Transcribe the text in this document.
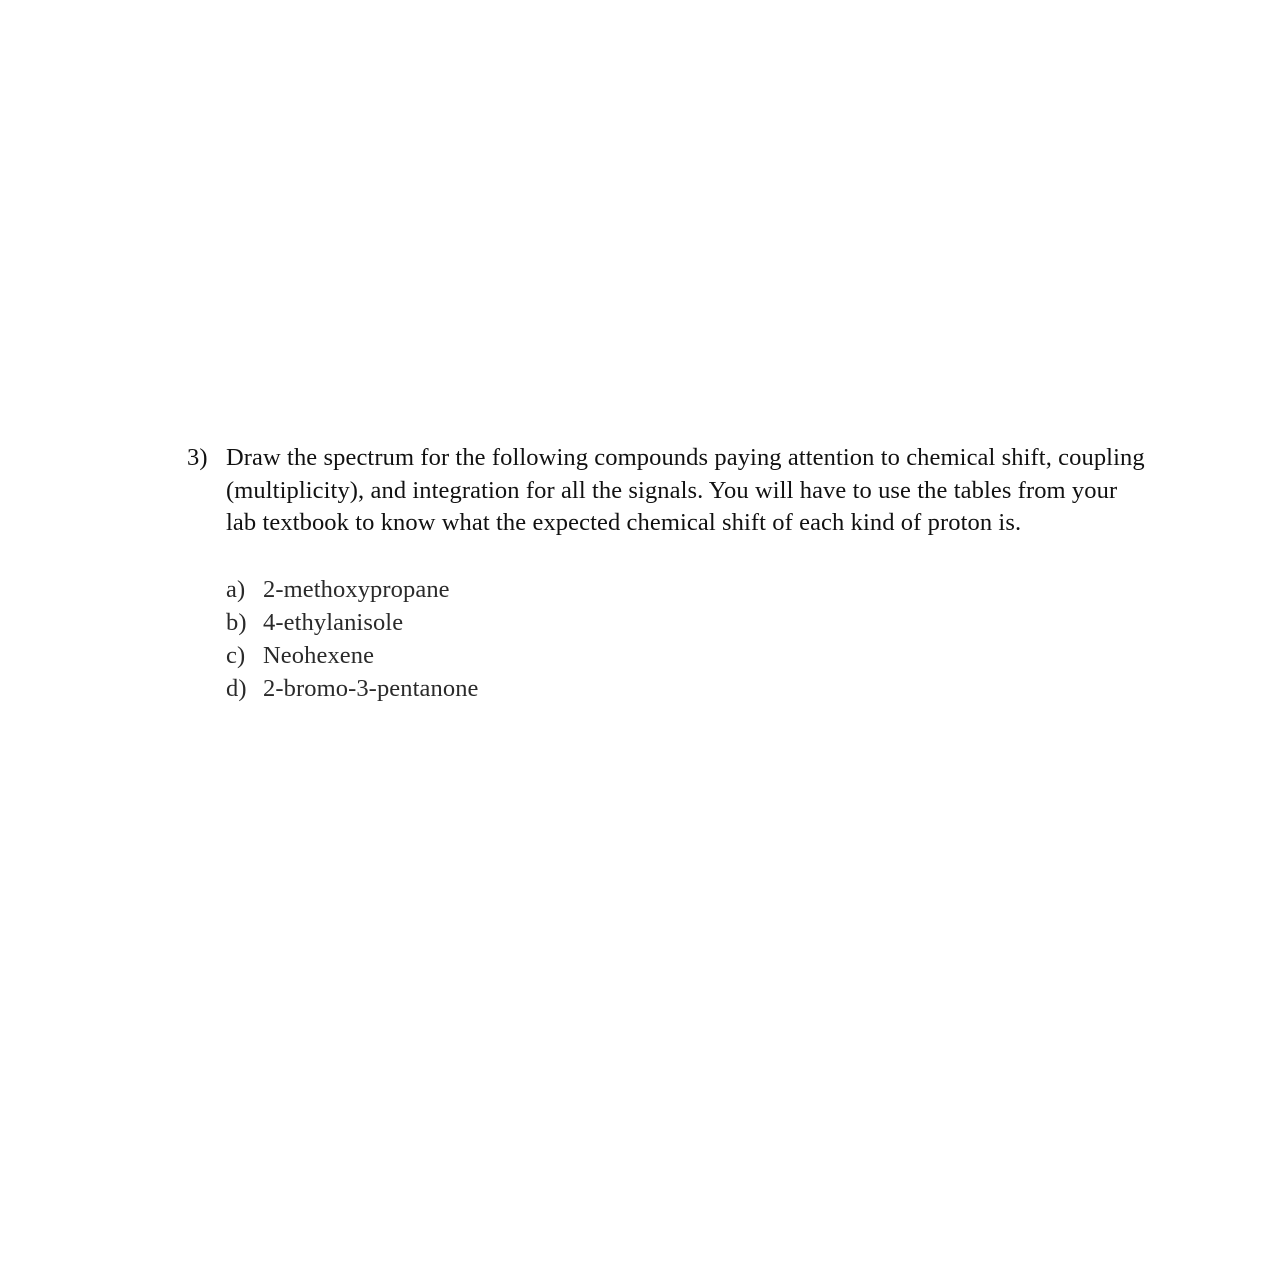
3) Draw the spectrum for the following compounds paying attention to chemical shift, coupling (multiplicity), and integration for all the signals. You will have to use the tables from your lab textbook to know what the expected chemical shift of each kind of proton is.

a) 2-methoxypropane
b) 4-ethylanisole
c) Neohexene
d) 2-bromo-3-pentanone
